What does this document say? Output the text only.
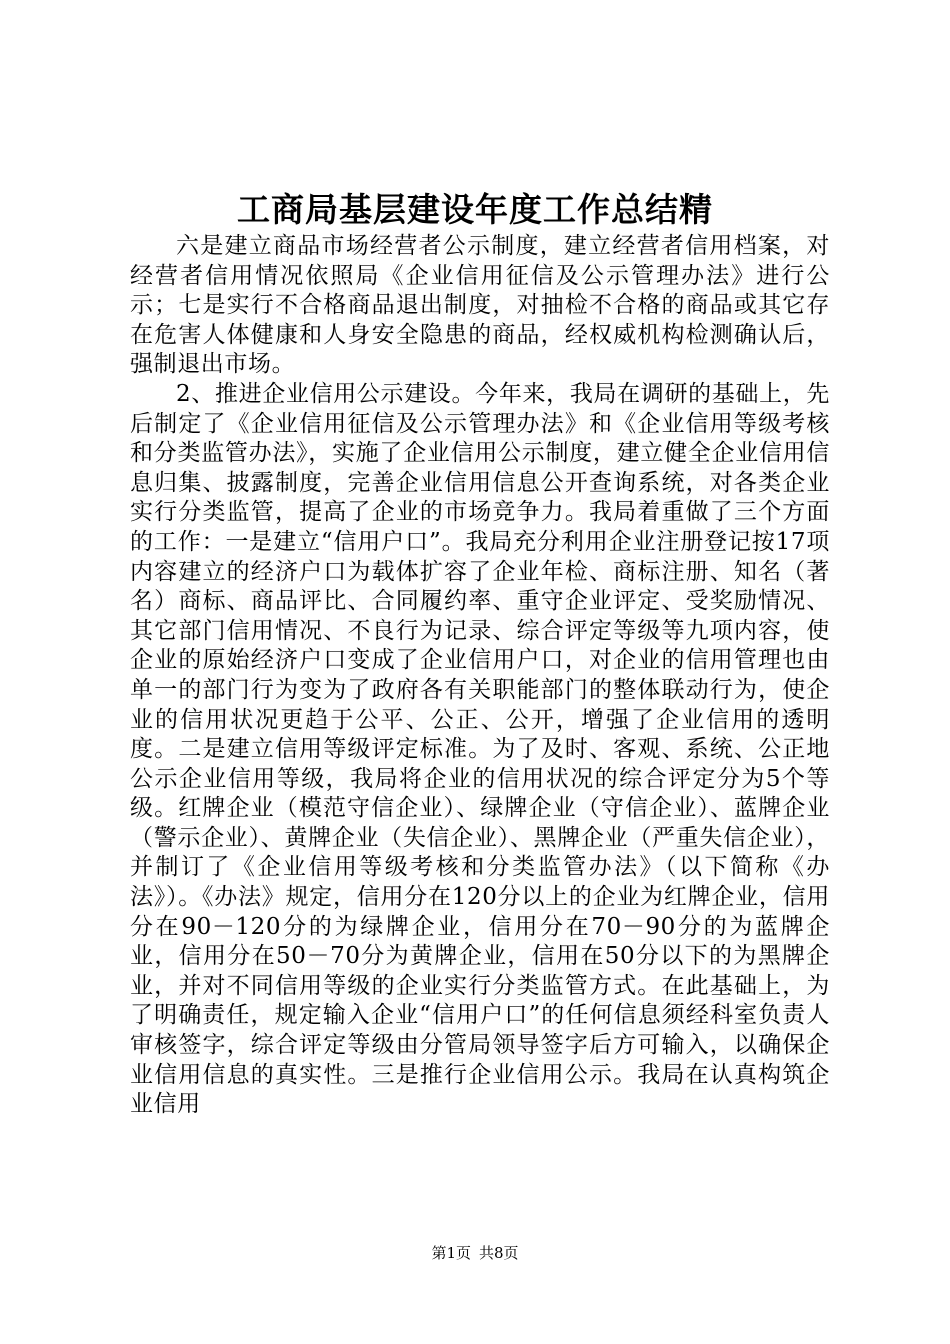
工商局基层建设年度工作总结精

六是建立商品市场经营者公示制度，建立经营者信用档案，对经营者信用情况依照局《企业信用征信及公示管理办法》进行公示；七是实行不合格商品退出制度，对抽检不合格的商品或其它存在危害人体健康和人身安全隐患的商品，经权威机构检测确认后，强制退出市场。

2、推进企业信用公示建设。今年来，我局在调研的基础上，先后制定了《企业信用征信及公示管理办法》和《企业信用等级考核和分类监管办法》，实施了企业信用公示制度，建立健全企业信用信息归集、披露制度，完善企业信用信息公开查询系统，对各类企业实行分类监管，提高了企业的市场竞争力。我局着重做了三个方面的工作：一是建立“信用户口”。我局充分利用企业注册登记按17项内容建立的经济户口为载体扩容了企业年检、商标注册、知名（著名）商标、商品评比、合同履约率、重守企业评定、受奖励情况、其它部门信用情况、不良行为记录、综合评定等级等九项内容，使企业的原始经济户口变成了企业信用户口，对企业的信用管理也由单一的部门行为变为了政府各有关职能部门的整体联动行为，使企业的信用状况更趋于公平、公正、公开，增强了企业信用的透明度。二是建立信用等级评定标准。为了及时、客观、系统、公正地公示企业信用等级，我局将企业的信用状况的综合评定分为5个等级。红牌企业（模范守信企业）、绿牌企业（守信企业）、蓝牌企业（警示企业）、黄牌企业（失信企业）、黑牌企业（严重失信企业），并制订了《企业信用等级考核和分类监管办法》（以下简称《办法》）。《办法》规定，信用分在120分以上的企业为红牌企业，信用分在90－120分的为绿牌企业，信用分在70－90分的为蓝牌企业，信用分在50－70分为黄牌企业，信用在50分以下的为黑牌企业，并对不同信用等级的企业实行分类监管方式。在此基础上，为了明确责任，规定输入企业“信用户口”的任何信息须经科室负责人审核签字，综合评定等级由分管局领导签字后方可输入，以确保企业信用信息的真实性。三是推行企业信用公示。我局在认真构筑企业信用

第1页 共8页
